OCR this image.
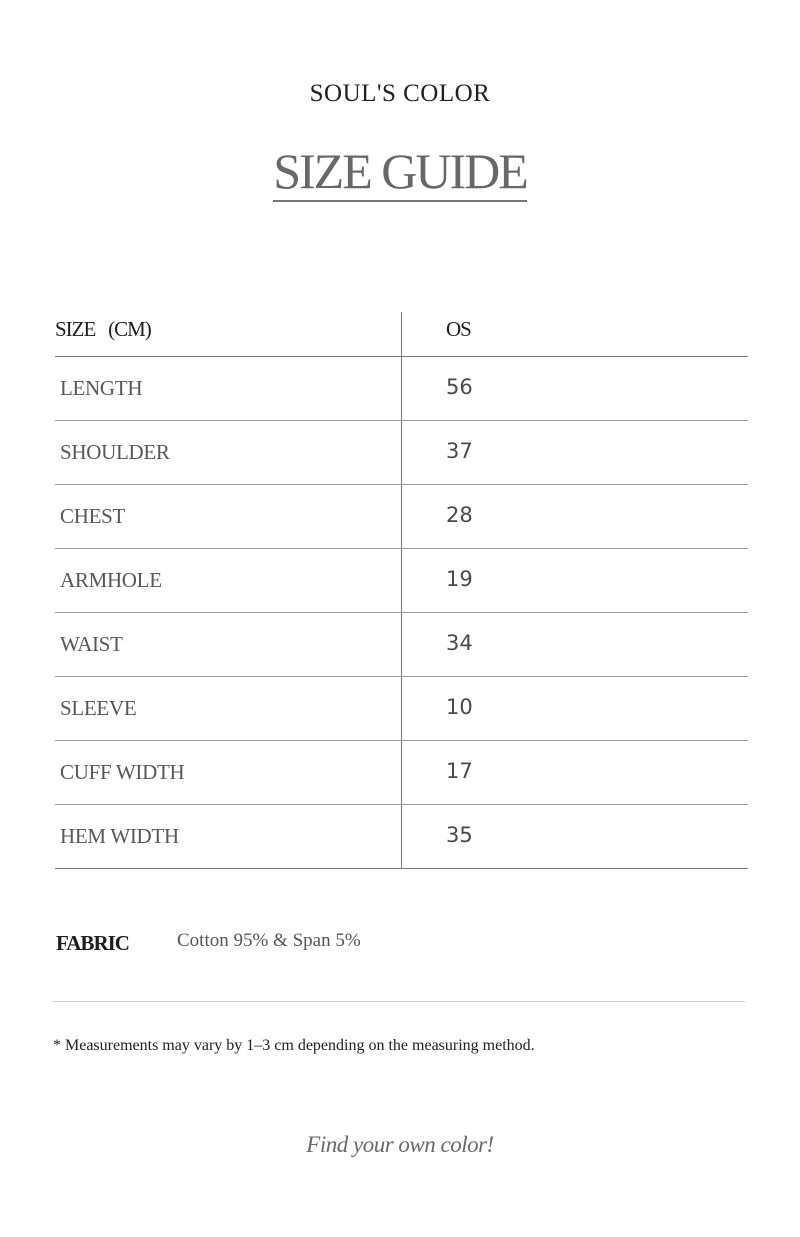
SOUL'S COLOR
SIZE GUIDE
SIZE   (CM)	OS
LENGTH	56
SHOULDER	37
CHEST	28
ARMHOLE	19
WAIST	34
SLEEVE	10
CUFF WIDTH	17
HEM WIDTH	35
FABRIC	Cotton 95% & Span 5%
* Measurements may vary by 1–3 cm depending on the measuring method.
Find your own color!
